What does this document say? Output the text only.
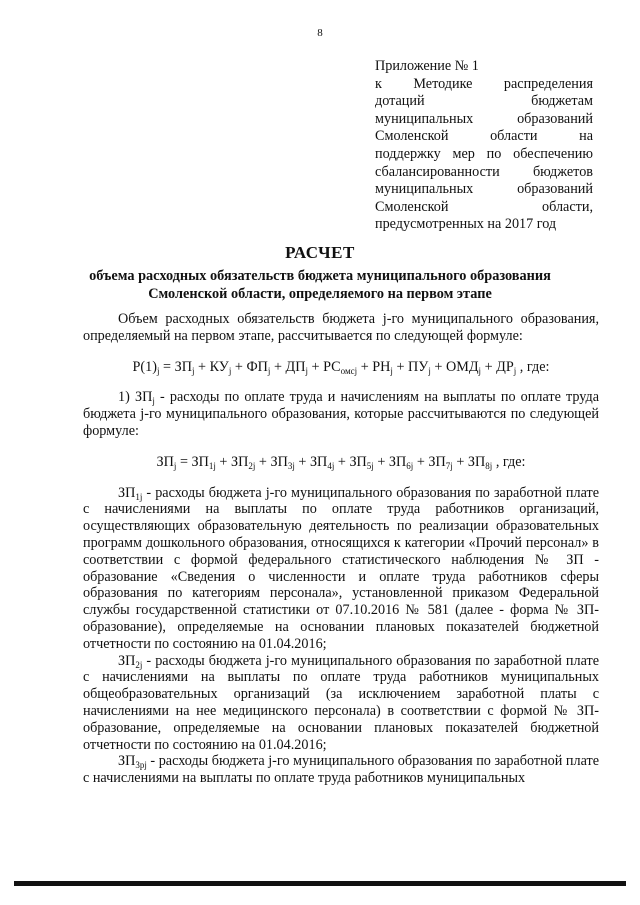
8
Приложение № 1
к Методике распределения
дотаций бюджетам
муниципальных образований
Смоленской области на
поддержку мер по обеспечению
сбалансированности бюджетов
муниципальных образований
Смоленской области,
предусмотренных на 2017 год
РАСЧЕТ
объема расходных обязательств бюджета муниципального образования
Смоленской области, определяемого на первом этапе

Объем расходных обязательств бюджета j-го муниципального образования, определяемый на первом этапе, рассчитывается по следующей формуле:

$Р(1)_j = ЗП_j + КУ_j + ФП_j + ДП_j + РС_{омсj} + РН_j + ПУ_j + ОМД_j + ДР_j$ , где:

1) $ЗП_j$ - расходы по оплате труда и начислениям на выплаты по оплате труда бюджета j-го муниципального образования, которые рассчитываются по следующей формуле:

$ЗП_j = ЗП_{1j} + ЗП_{2j} + ЗП_{3j} + ЗП_{4j} + ЗП_{5j} + ЗП_{6j} + ЗП_{7j} + ЗП_{8j}$ , где:

$ЗП_{1j}$ - расходы бюджета j-го муниципального образования по заработной плате с начислениями на выплаты по оплате труда работников организаций, осуществляющих образовательную деятельность по реализации образовательных программ дошкольного образования, относящихся к категории «Прочий персонал» в соответствии с формой федерального статистического наблюдения № ЗП - образование «Сведения о численности и оплате труда работников сферы образования по категориям персонала», установленной приказом Федеральной службы государственной статистики от 07.10.2016 № 581 (далее - форма № ЗП-образование), определяемые на основании плановых показателей бюджетной отчетности по состоянию на 01.04.2016;

$ЗП_{2j}$ - расходы бюджета j-го муниципального образования по заработной плате с начислениями на выплаты по оплате труда работников муниципальных общеобразовательных организаций (за исключением заработной платы с начислениями на нее медицинского персонала) в соответствии с формой № ЗП-образование, определяемые на основании плановых показателей бюджетной отчетности по состоянию на 01.04.2016;

$ЗП_{3рj}$ - расходы бюджета j-го муниципального образования по заработной плате с начислениями на выплаты по оплате труда работников муниципальных
